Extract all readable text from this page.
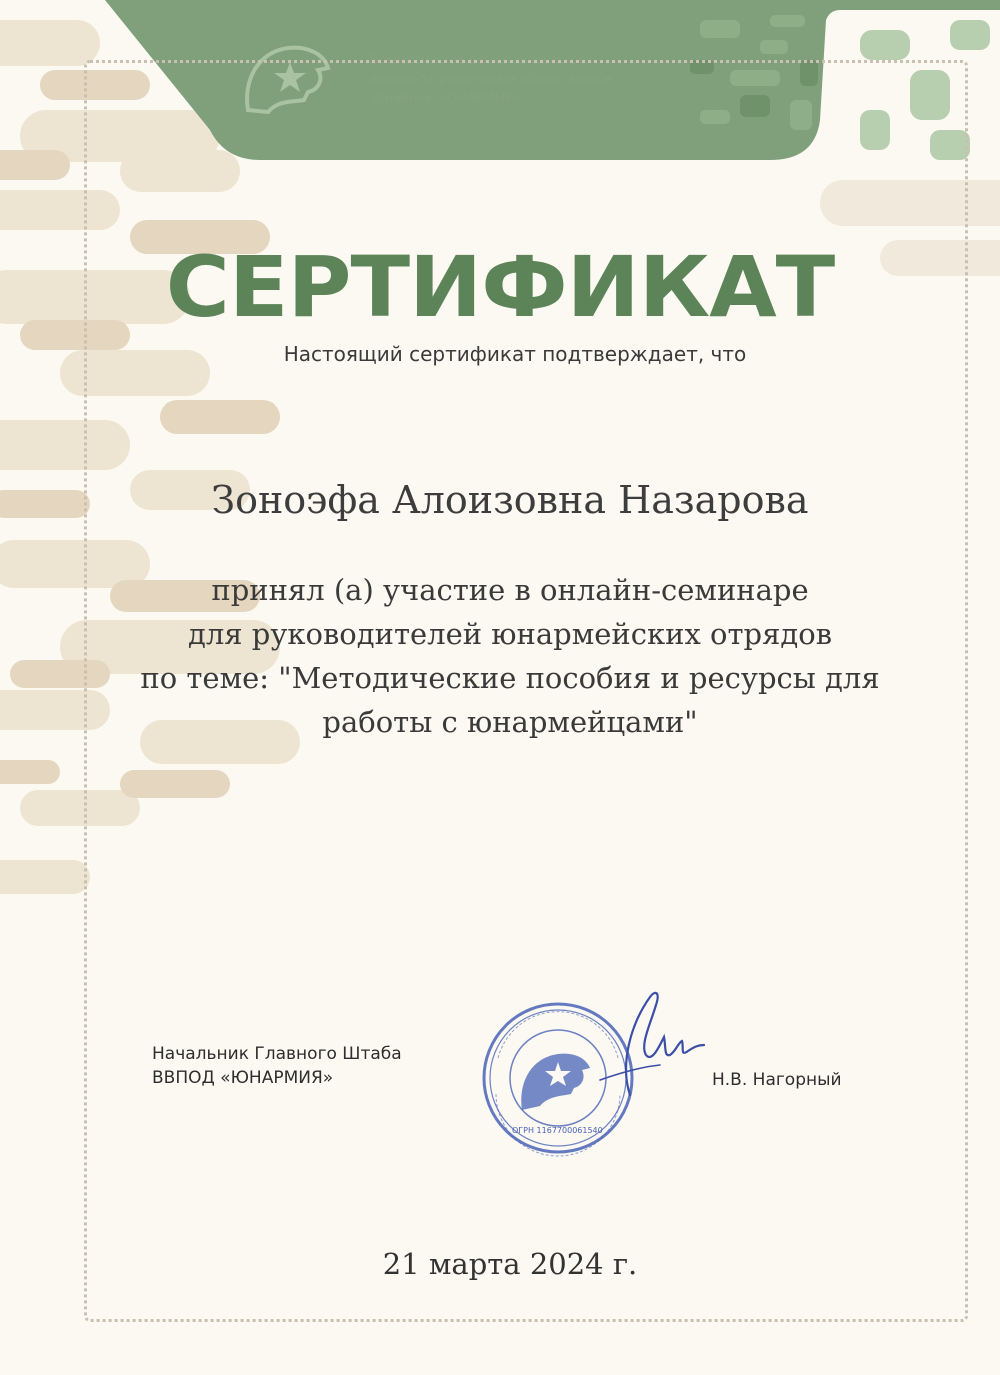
Всероссийское детско-юношеское
военно-патриотическое общественное
движение «ЮНАРМИЯ»

СЕРТИФИКАТ

Настоящий сертификат подтверждает, что

Зоноэфа Алоизовна Назарова

принял (а) участие в онлайн-семинаре
для руководителей юнармейских отрядов
по теме: "Методические пособия и ресурсы для
работы с юнармейцами"

Начальник Главного Штаба
ВВПОД «ЮНАРМИЯ»

ОГРН 1167700061540

Н.В. Нагорный

21 марта 2024 г.
